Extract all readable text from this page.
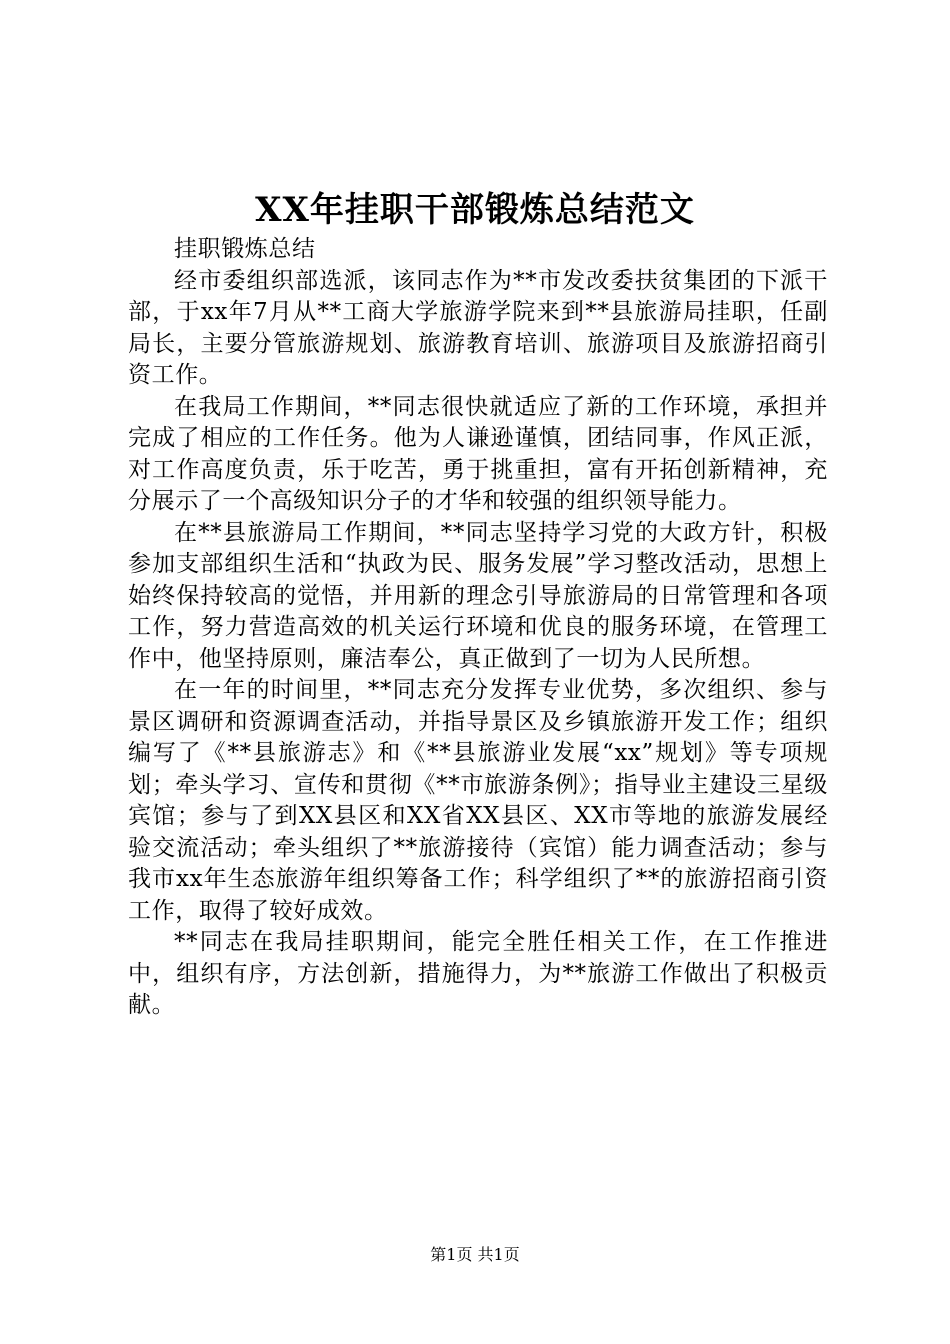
XX年挂职干部锻炼总结范文

挂职锻炼总结

经市委组织部选派，该同志作为**市发改委扶贫集团的下派干部，于xx年7月从**工商大学旅游学院来到**县旅游局挂职，任副局长，主要分管旅游规划、旅游教育培训、旅游项目及旅游招商引资工作。

在我局工作期间，**同志很快就适应了新的工作环境，承担并完成了相应的工作任务。他为人谦逊谨慎，团结同事，作风正派，对工作高度负责，乐于吃苦，勇于挑重担，富有开拓创新精神，充分展示了一个高级知识分子的才华和较强的组织领导能力。

在**县旅游局工作期间，**同志坚持学习党的大政方针，积极参加支部组织生活和“执政为民、服务发展”学习整改活动，思想上始终保持较高的觉悟，并用新的理念引导旅游局的日常管理和各项工作，努力营造高效的机关运行环境和优良的服务环境，在管理工作中，他坚持原则，廉洁奉公，真正做到了一切为人民所想。

在一年的时间里，**同志充分发挥专业优势，多次组织、参与景区调研和资源调查活动，并指导景区及乡镇旅游开发工作；组织编写了《**县旅游志》和《**县旅游业发展“xx”规划》等专项规划；牵头学习、宣传和贯彻《**市旅游条例》；指导业主建设三星级宾馆；参与了到XX县区和XX省XX县区、XX市等地的旅游发展经验交流活动；牵头组织了**旅游接待（宾馆）能力调查活动；参与我市xx年生态旅游年组织筹备工作；科学组织了**的旅游招商引资工作，取得了较好成效。

**同志在我局挂职期间，能完全胜任相关工作，在工作推进中，组织有序，方法创新，措施得力，为**旅游工作做出了积极贡献。

第1页 共1页
